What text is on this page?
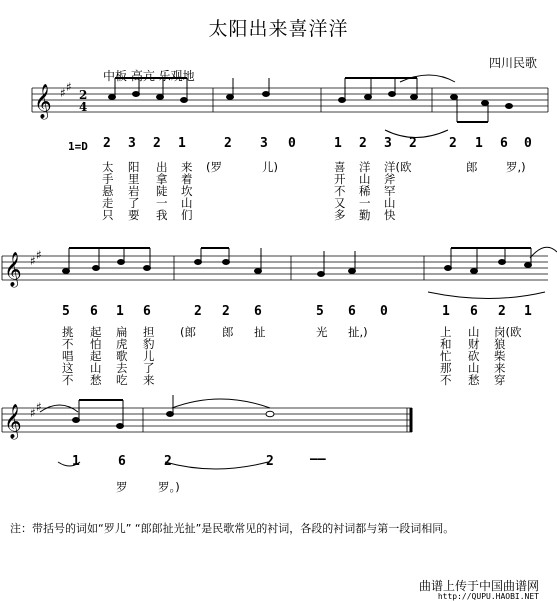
太阳出来喜洋洋
四川民歌
中板 高亢 乐观地
1=D
𝄞 ♯ ♯
2
4
𝄞 ♯ ♯
𝄞 ♯ ♯
2 3 2 1	2 3 0	1 2 3 2 2 1 6 0
太 阳 出 来 (罗	儿)	喜 洋 洋(欧	郎 罗,)
手 里 拿 着	开 山 斧
悬 岩 陡 坎	不 稀 罕
走 了 一 山	又 一 山
只 要 我 们	多 勤 快
5 6 1 6	2 2 6	5 6 0	1 6 2 1
挑 起 扁 担 (郎 郎 扯	光 扯,)	上 山 岗(欧
不 怕 虎 豹	和 财 狼
唱 起 歌 儿	忙 砍 柴
这 山 去 了	那 山 来
不 愁 吃 来	不 愁 穿
1	6	2	2	——
罗	罗。)
注：带括号的词如“罗儿” “郎郎扯光扯”是民歌常见的衬词，各段的衬词都与第一段词相同。
曲谱上传于中国曲谱网
http://QUPU.HAOBI.NET
